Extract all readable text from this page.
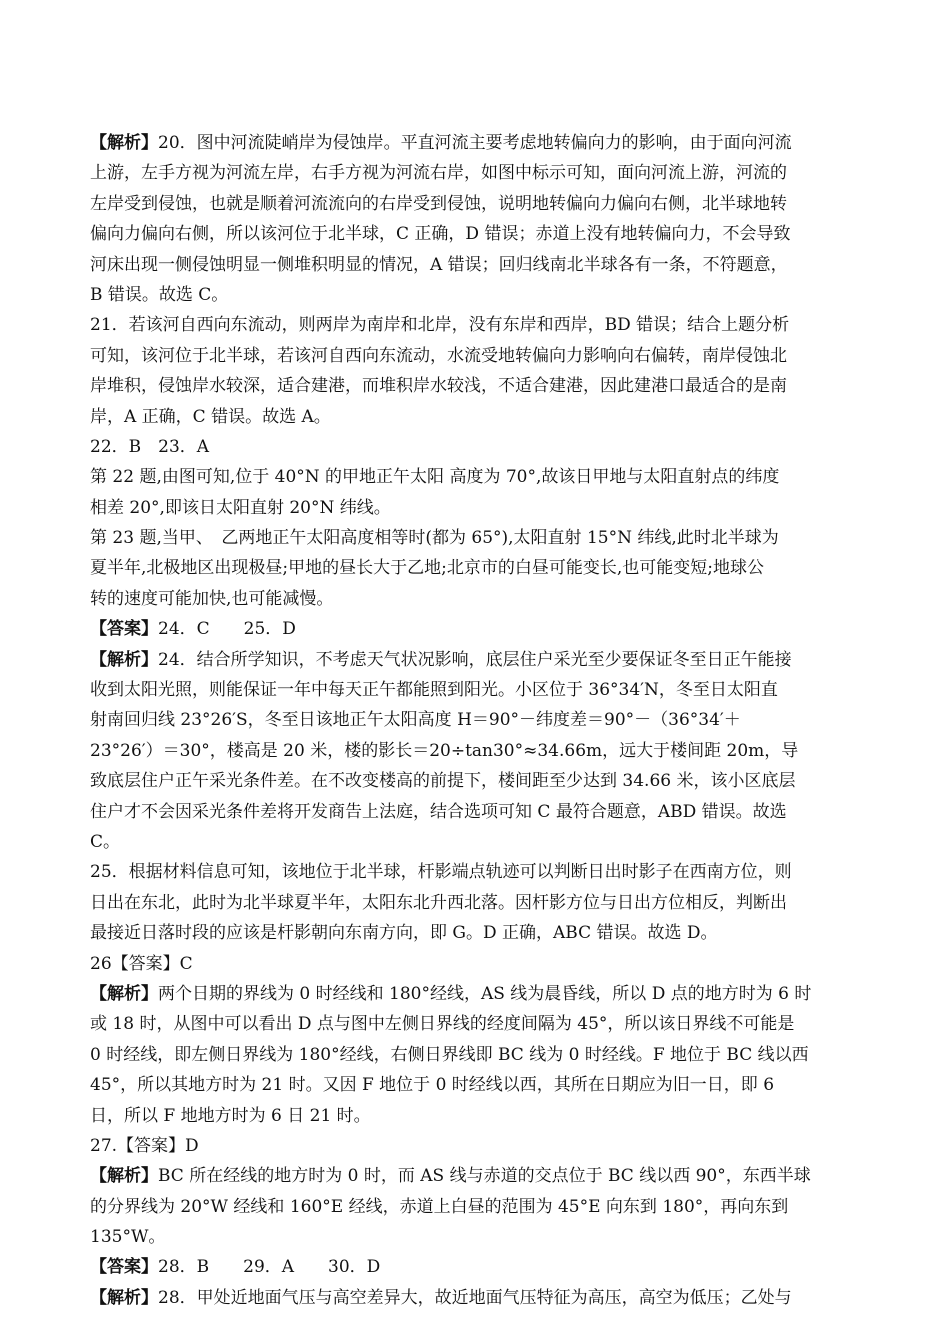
【解析】20．图中河流陡峭岸为侵蚀岸。平直河流主要考虑地转偏向力的影响，由于面向河流
上游，左手方视为河流左岸，右手方视为河流右岸，如图中标示可知，面向河流上游，河流的
左岸受到侵蚀，也就是顺着河流流向的右岸受到侵蚀，说明地转偏向力偏向右侧，北半球地转
偏向力偏向右侧，所以该河位于北半球，C 正确，D 错误；赤道上没有地转偏向力，不会导致
河床出现一侧侵蚀明显一侧堆积明显的情况，A 错误；回归线南北半球各有一条，不符题意，
B 错误。故选 C。
21．若该河自西向东流动，则两岸为南岸和北岸，没有东岸和西岸，BD 错误；结合上题分析
可知，该河位于北半球，若该河自西向东流动，水流受地转偏向力影响向右偏转，南岸侵蚀北
岸堆积，侵蚀岸水较深，适合建港，而堆积岸水较浅，不适合建港，因此建港口最适合的是南
岸，A 正确，C 错误。故选 A。
22．B　23．A
第 22 题,由图可知,位于 40°N 的甲地正午太阳 高度为 70°,故该日甲地与太阳直射点的纬度
相差 20°,即该日太阳直射 20°N 纬线。
第 23 题,当甲、　乙两地正午太阳高度相等时(都为 65°),太阳直射 15°N 纬线,此时北半球为
夏半年,北极地区出现极昼;甲地的昼长大于乙地;北京市的白昼可能变长,也可能变短;地球公
转的速度可能加快,也可能减慢。
【答案】24．C　　25．D
【解析】24．结合所学知识，不考虑天气状况影响，底层住户采光至少要保证冬至日正午能接
收到太阳光照，则能保证一年中每天正午都能照到阳光。小区位于 36°34′N，冬至日太阳直
射南回归线 23°26′S，冬至日该地正午太阳高度 H＝90°－纬度差＝90°－（36°34′＋
23°26′）＝30°，楼高是 20 米，楼的影长＝20÷tan30°≈34.66m，远大于楼间距 20m，导
致底层住户正午采光条件差。在不改变楼高的前提下，楼间距至少达到 34.66 米，该小区底层
住户才不会因采光条件差将开发商告上法庭，结合选项可知 C 最符合题意，ABD 错误。故选
C。
25．根据材料信息可知，该地位于北半球，杆影端点轨迹可以判断日出时影子在西南方位，则
日出在东北，此时为北半球夏半年，太阳东北升西北落。因杆影方位与日出方位相反，判断出
最接近日落时段的应该是杆影朝向东南方向，即 G。D 正确，ABC 错误。故选 D。
26【答案】C
【解析】两个日期的界线为 0 时经线和 180°经线，AS 线为晨昏线，所以 D 点的地方时为 6 时
或 18 时，从图中可以看出 D 点与图中左侧日界线的经度间隔为 45°，所以该日界线不可能是
0 时经线，即左侧日界线为 180°经线，右侧日界线即 BC 线为 0 时经线。F 地位于 BC 线以西
45°，所以其地方时为 21 时。又因 F 地位于 0 时经线以西，其所在日期应为旧一日，即 6
日，所以 F 地地方时为 6 日 21 时。
27.【答案】D
【解析】BC 所在经线的地方时为 0 时，而 AS 线与赤道的交点位于 BC 线以西 90°，东西半球
的分界线为 20°W 经线和 160°E 经线，赤道上白昼的范围为 45°E 向东到 180°，再向东到
135°W。
【答案】28．B　　29．A　　30．D
【解析】28．甲处近地面气压与高空差异大，故近地面气压特征为高压，高空为低压；乙处与
